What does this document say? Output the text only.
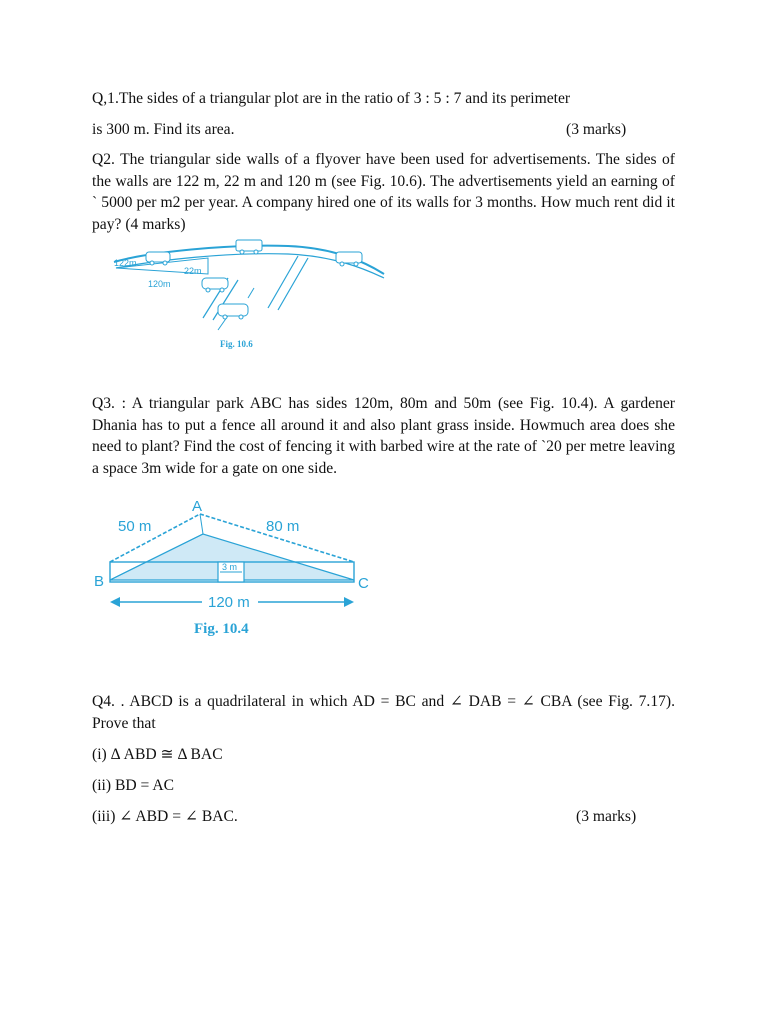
Q,1.The sides of a triangular plot are in the ratio of 3 : 5 : 7 and its perimeter
is 300 m. Find its area.	(3 marks)
Q2. The triangular side walls of a flyover have been used for advertisements. The sides of the walls are 122 m, 22 m and 120 m (see Fig. 10.6). The advertisements yield an earning of ` 5000 per m2 per year. A company hired one of its walls for 3 months. How much rent did it pay? (4 marks)
122m
22m
120m
Fig. 10.6
Q3. : A triangular park ABC has sides 120m, 80m and 50m (see Fig. 10.4). A gardener Dhania has to put a fence all around it and also plant grass inside. Howmuch area does she need to plant? Find the cost of fencing it with barbed wire at the rate of `20 per metre leaving a space 3m wide for a gate on one side.
A
B	C
50 m	80 m
3 m
120 m
Fig. 10.4
Q4. . ABCD is a quadrilateral in which AD = BC and ∠ DAB = ∠ CBA (see Fig. 7.17). Prove that
(i) Δ ABD ≅ Δ BAC
(ii) BD = AC
(iii) ∠ ABD = ∠ BAC.	(3 marks)
